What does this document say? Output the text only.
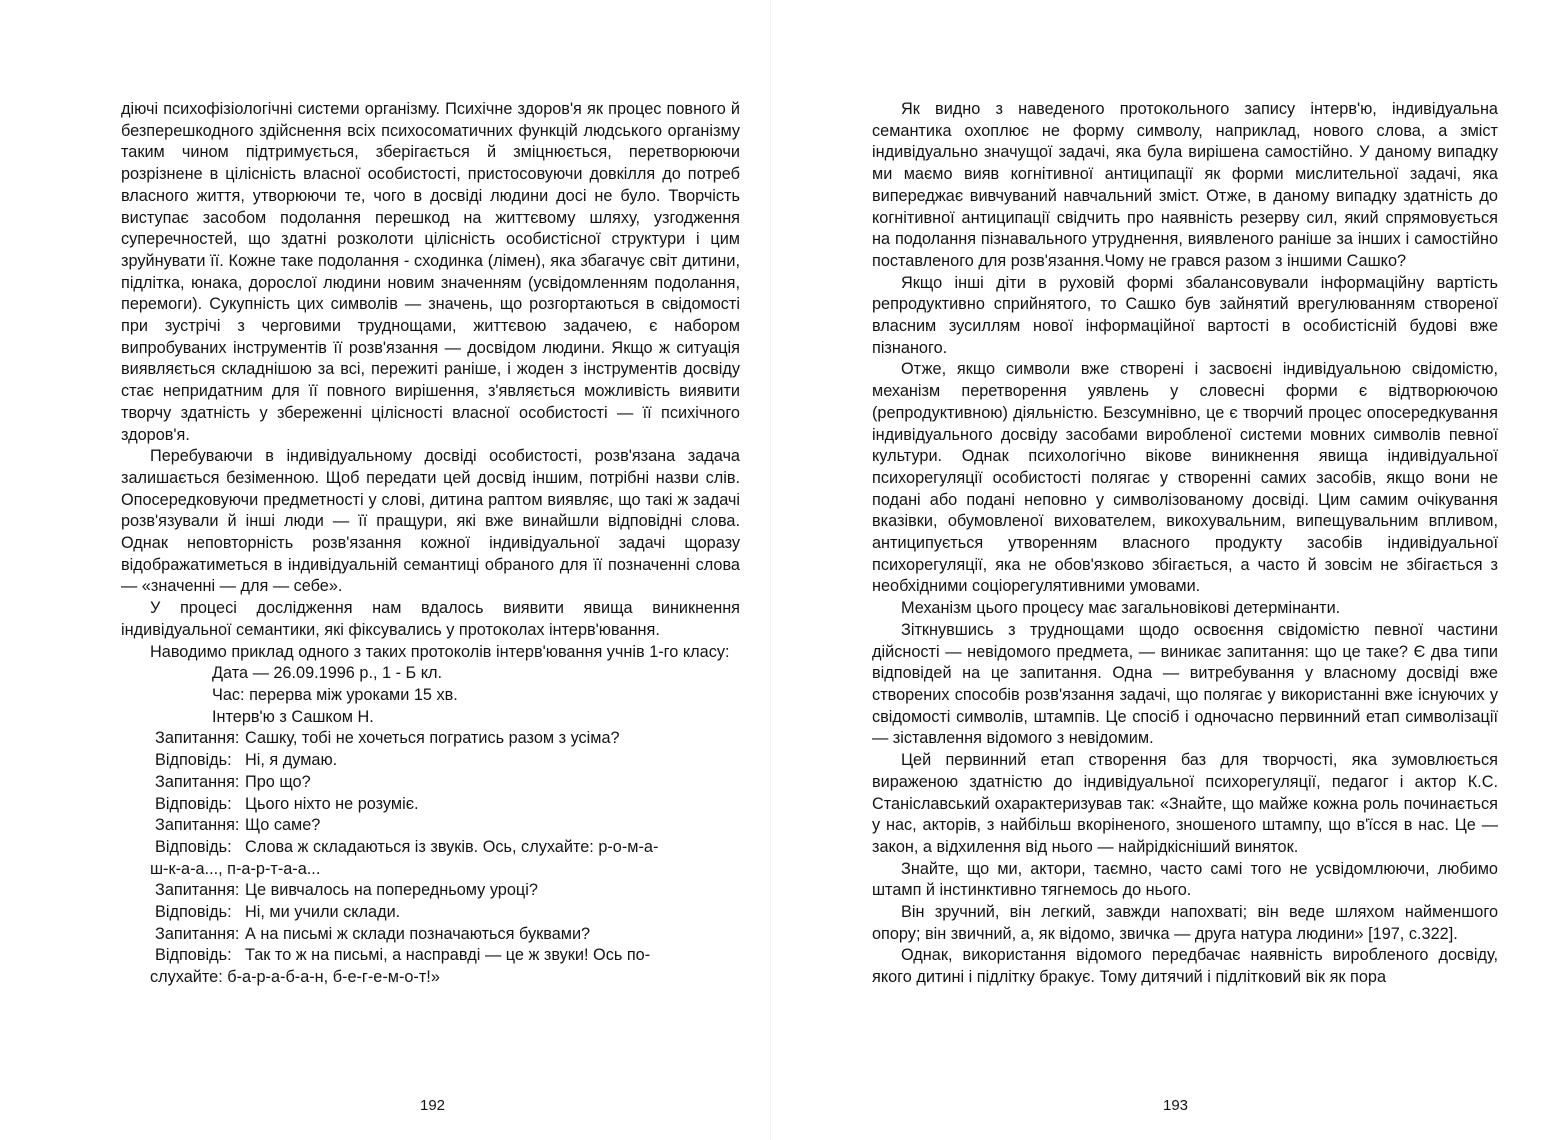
діючі психофізіологічні системи організму. Психічне здоров'я як процес повного й безперешкодного здійснення всіх психосоматичних функцій людського організму таким чином підтримується, зберігається й зміцнюється, перетворюючи розрізнене в цілісність власної особистості, пристосовуючи довкілля до потреб власного життя, утворюючи те, чого в досвіді людини досі не було. Творчість виступає засобом подолання перешкод на життєвому шляху, узгодження суперечностей, що здатні розколоти цілісність особистісної структури і цим зруйнувати її. Кожне таке подолання - сходинка (лімен), яка збагачує світ дитини, підлітка, юнака, дорослої людини новим значенням (усвідомленням подолання, перемоги). Сукупність цих символів — значень, що розгортаються в свідомості при зустрічі з черговими труднощами, життєвою задачею, є набором випробуваних інструментів її розв'язання — досвідом людини. Якщо ж ситуація виявляється складнішою за всі, пережиті раніше, і жоден з інструментів досвіду стає непридатним для її повного вирішення, з'являється можливість виявити творчу здатність у збереженні цілісності власної особистості — її психічного здоров'я.

Перебуваючи в індивідуальному досвіді особистості, розв'язана задача залишається безіменною. Щоб передати цей досвід іншим, потрібні назви слів. Опосередковуючи предметності у слові, дитина раптом виявляє, що такі ж задачі розв'язували й інші люди — її пращури, які вже винайшли відповідні слова. Однак неповторність розв'язання кожної індивідуальної задачі щоразу відображатиметься в індивідуальній семантиці обраного для її позначенні слова — «значенні — для — себе».

У процесі дослідження нам вдалось виявити явища виникнення індивідуальної семантики, які фіксувались у протоколах інтерв'ювання.

Наводимо приклад одного з таких протоколів інтерв'ювання учнів 1-го класу:

Дата — 26.09.1996 р., 1 - Б кл.

Час: перерва між уроками 15 хв.

Інтерв'ю з Сашком Н.

Запитання: Сашку, тобі не хочеться погратись разом з усіма?
Відповідь: Ні, я думаю.
Запитання: Про що?
Відповідь: Цього ніхто не розуміє.
Запитання: Що саме?
Відповідь: Слова ж складаються із звуків. Ось, слухайте: р-о-м-а-

ш-к-а-а..., п-а-р-т-а-а...

Запитання: Це вивчалось на попередньому уроці?
Відповідь: Ні, ми учили склади.
Запитання: А на письмі ж склади позначаються буквами?
Відповідь: Так то ж на письмі, а насправді — це ж звуки! Ось по-

слухайте: б-а-р-а-б-а-н, б-е-г-е-м-о-т!»

192

Як видно з наведеного протокольного запису інтерв'ю, індивідуальна семантика охоплює не форму символу, наприклад, нового слова, а зміст індивідуально значущої задачі, яка була вирішена самостійно. У даному випадку ми маємо вияв когнітивної антиципації як форми мислительної задачі, яка випереджає вивчуваний навчальний зміст. Отже, в даному випадку здатність до когнітивної антиципації свідчить про наявність резерву сил, який спрямовується на подолання пізнавального утруднення, виявленого раніше за інших і самостійно поставленого для розв'язання.Чому не грався разом з іншими Сашко?

Якщо інші діти в руховій формі збалансовували інформаційну вартість репродуктивно сприйнятого, то Сашко був зайнятий врегулюванням створеної власним зусиллям нової інформаційної вартості в особистісній будові вже пізнаного.

Отже, якщо символи вже створені і засвоєні індивідуальною свідомістю, механізм перетворення уявлень у словесні форми є відтворюючою (репродуктивною) діяльністю. Безсумнівно, це є творчий процес опосередкування індивідуального досвіду засобами виробленої системи мовних символів певної культури. Однак психологічно вікове виникнення явища індивідуальної психорегуляції особистості полягає у створенні самих засобів, якщо вони не подані або подані неповно у символізованому досвіді. Цим самим очікування вказівки, обумовленої вихователем, викохувальним, випещувальним впливом, антиципується утворенням власного продукту засобів індивідуальної психорегуляції, яка не обов'язково збігається, а часто й зовсім не збігається з необхідними соціорегулятивними умовами.

Механізм цього процесу має загальновікові детермінанти.

Зіткнувшись з труднощами щодо освоєння свідомістю певної частини дійсності — невідомого предмета, — виникає запитання: що це таке? Є два типи відповідей на це запитання. Одна — витребування у власному досвіді вже створених способів розв'язання задачі, що полягає у використанні вже існуючих у свідомості символів, штампів. Це спосіб і одночасно первинний етап символізації — зіставлення відомого з невідомим.

Цей первинний етап створення баз для творчості, яка зумовлюється вираженою здатністю до індивідуальної психорегуляції, педагог і актор К.С. Станіславський охарактеризував так: «Знайте, що майже кожна роль починається у нас, акторів, з найбільш вкоріненого, зношеного штампу, що в'їсся в нас. Це — закон, а відхилення від нього — найрідкісніший виняток.

Знайте, що ми, актори, таємно, часто самі того не усвідомлюючи, любимо штамп й інстинктивно тягнемось до нього.

Він зручний, він легкий, завжди напохваті; він веде шляхом найменшого опору; він звичний, а, як відомо, звичка — друга натура людини» [197, с.322].

Однак, використання відомого передбачає наявність виробленого досвіду, якого дитині і підлітку бракує. Тому дитячий і підлітковий вік як пора

193
